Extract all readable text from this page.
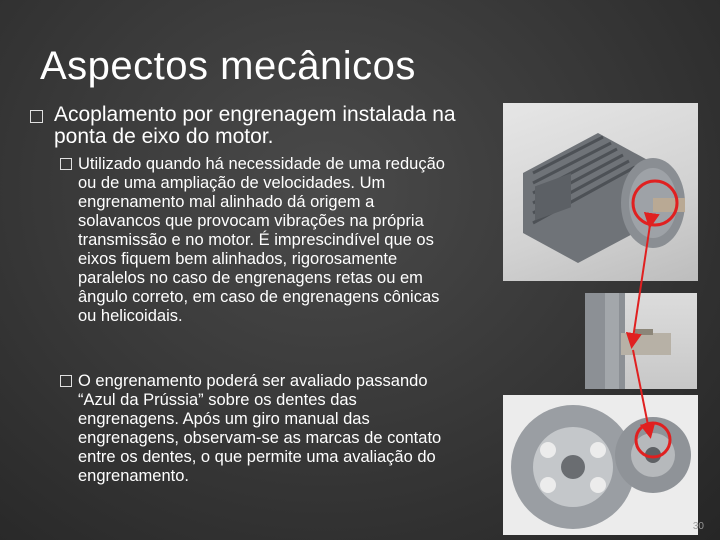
Aspectos mecânicos
Acoplamento por engrenagem instalada na ponta de eixo do motor.
Utilizado quando há necessidade de uma redução ou de uma ampliação de velocidades. Um engrenamento mal alinhado dá origem a solavancos que provocam vibrações na própria transmissão e no motor. É imprescindível que os eixos fiquem bem alinhados, rigorosamente paralelos no caso de engrenagens retas ou em ângulo correto, em caso de engrenagens cônicas ou helicoidais.
O engrenamento poderá ser avaliado passando “Azul da Prússia” sobre os dentes das engrenagens. Após um giro manual das engrenagens, observam-se as marcas de contato entre os dentes, o que permite uma avaliação do engrenamento.
30
